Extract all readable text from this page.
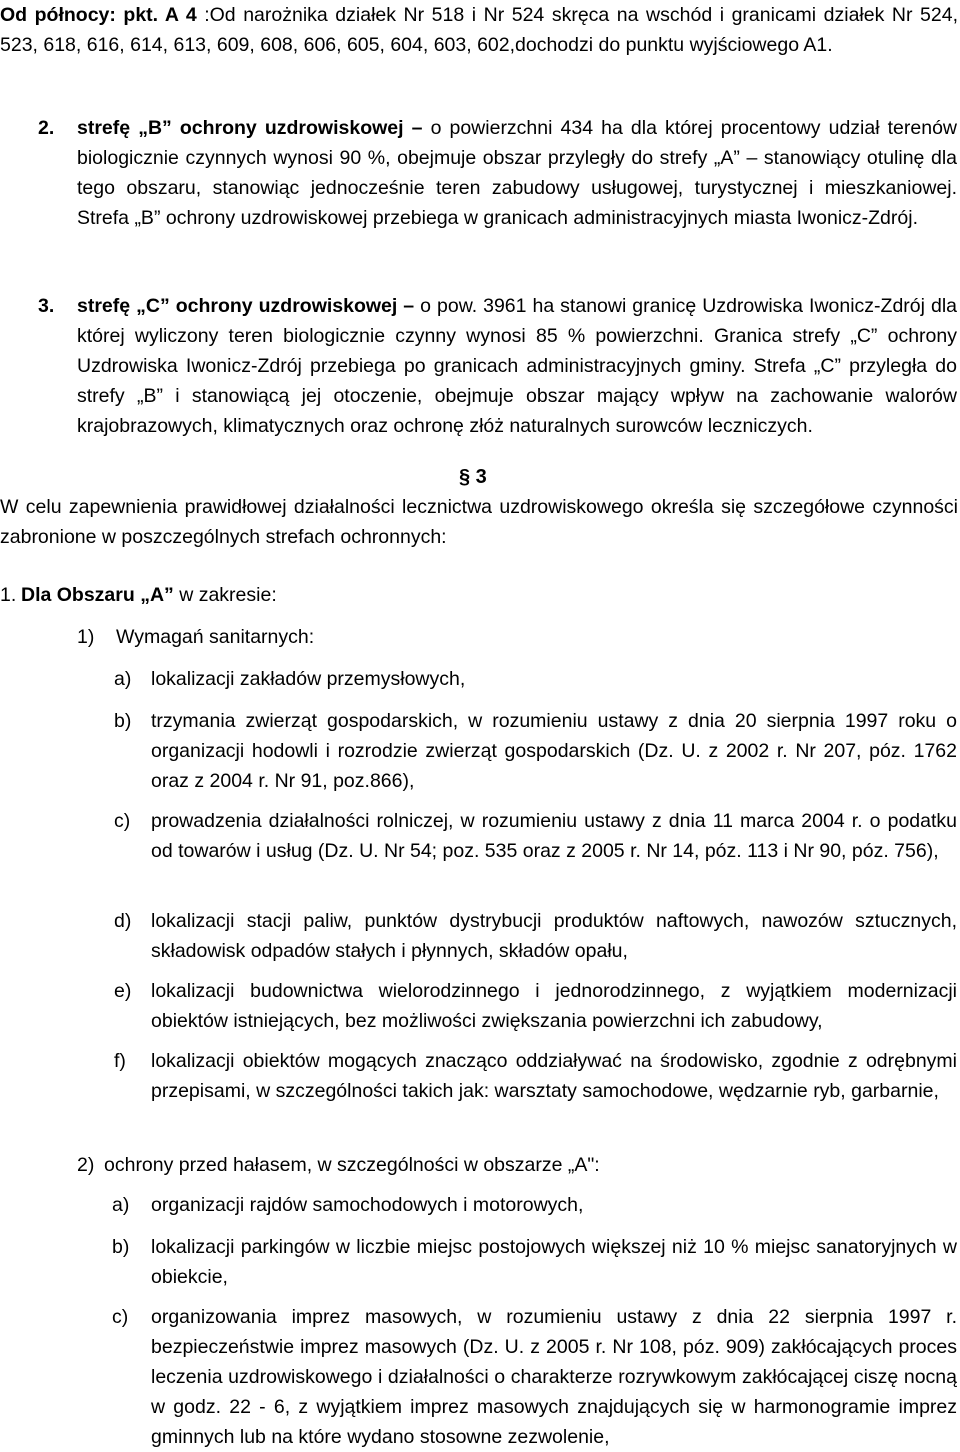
Od północy: pkt. A 4 :Od narożnika działek Nr 518 i Nr 524 skręca na wschód i granicami działek Nr 524, 523, 618, 616, 614, 613, 609, 608, 606, 605, 604, 603, 602,dochodzi do punktu wyjściowego A1.
2. strefę „B” ochrony uzdrowiskowej – o powierzchni 434 ha dla której procentowy udział terenów biologicznie czynnych wynosi 90 %, obejmuje obszar przyległy do strefy „A” – stanowiący otulinę dla tego obszaru, stanowiąc jednocześnie teren zabudowy usługowej, turystycznej i mieszkaniowej. Strefa „B” ochrony uzdrowiskowej przebiega w granicach administracyjnych miasta Iwonicz-Zdrój.
3. strefę „C” ochrony uzdrowiskowej – o pow. 3961 ha stanowi granicę Uzdrowiska Iwonicz-Zdrój dla której wyliczony teren biologicznie czynny wynosi 85 % powierzchni. Granica strefy „C” ochrony Uzdrowiska Iwonicz-Zdrój przebiega po granicach administracyjnych gminy. Strefa „C” przyległa do strefy „B” i stanowiącą jej otoczenie, obejmuje obszar mający wpływ na zachowanie walorów krajobrazowych, klimatycznych oraz ochronę złóż naturalnych surowców leczniczych.
§ 3
W celu zapewnienia prawidłowej działalności lecznictwa uzdrowiskowego określa się szczegółowe czynności zabronione w poszczególnych strefach ochronnych:
1. Dla Obszaru „A” w zakresie:
1) Wymagań sanitarnych:
a) lokalizacji zakładów przemysłowych,
b) trzymania zwierząt gospodarskich, w rozumieniu ustawy z dnia 20 sierpnia 1997 roku o organizacji hodowli i rozrodzie zwierząt gospodarskich (Dz. U. z 2002 r. Nr 207, póz. 1762 oraz z 2004 r. Nr 91, poz.866),
c) prowadzenia działalności rolniczej, w rozumieniu ustawy z dnia 11 marca 2004 r. o podatku od towarów i usług (Dz. U. Nr 54; poz. 535 oraz z 2005 r. Nr 14, póz. 113 i Nr 90, póz. 756),
d) lokalizacji stacji paliw, punktów dystrybucji produktów naftowych, nawozów sztucznych, składowisk odpadów stałych i płynnych, składów opału,
e) lokalizacji budownictwa wielorodzinnego i jednorodzinnego, z wyjątkiem modernizacji obiektów istniejących, bez możliwości zwiększania powierzchni ich zabudowy,
f) lokalizacji obiektów mogących znacząco oddziaływać na środowisko, zgodnie z odrębnymi przepisami, w szczególności takich jak: warsztaty samochodowe, wędzarnie ryb, garbarnie,
2) ochrony przed hałasem, w szczególności w obszarze „A":
a) organizacji rajdów samochodowych i motorowych,
b) lokalizacji parkingów w liczbie miejsc postojowych większej niż 10 % miejsc sanatoryjnych w obiekcie,
c) organizowania imprez masowych, w rozumieniu ustawy z dnia 22 sierpnia 1997 r. bezpieczeństwie imprez masowych (Dz. U. z 2005 r. Nr 108, póz. 909) zakłócających proces leczenia uzdrowiskowego i działalności o charakterze rozrywkowym zakłócającej ciszę nocną w godz. 22 - 6, z wyjątkiem imprez masowych znajdujących się w harmonogramie imprez gminnych lub na które wydano stosowne zezwolenie,
